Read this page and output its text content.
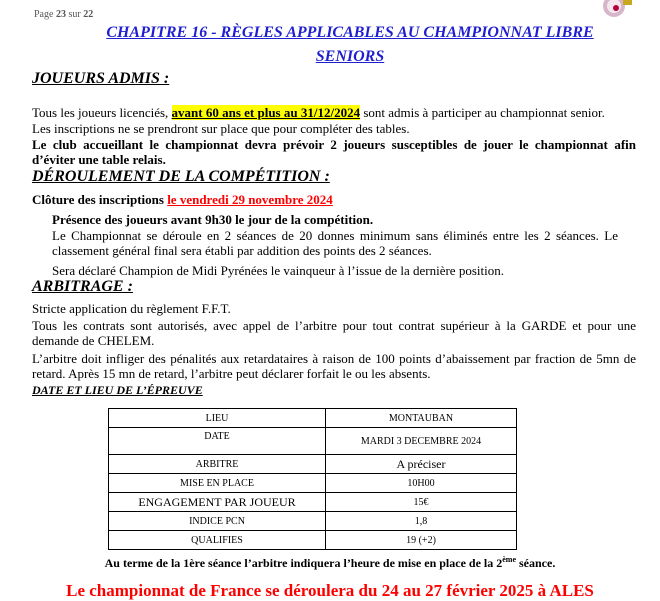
Page 23 sur 22
CHAPITRE 16 - RÈGLES APPLICABLES AU CHAMPIONNAT LIBRE
SENIORS
JOUEURS ADMIS :
Tous les joueurs licenciés, avant 60 ans et plus au 31/12/2024 sont admis à participer au championnat senior.
Les inscriptions ne se prendront sur place que pour compléter des tables.
Le club accueillant le championnat devra prévoir 2 joueurs susceptibles de jouer le championnat afin d’éviter une table relais.
DÉROULEMENT DE LA COMPÉTITION :
Clôture des inscriptions le vendredi 29 novembre 2024
Présence des joueurs avant 9h30 le jour de la compétition.
Le Championnat se déroule en 2 séances de 20 donnes minimum sans éliminés entre les 2 séances. Le classement général final sera établi par addition des points des 2 séances.
Sera déclaré Champion de Midi Pyrénées le vainqueur à l’issue de la dernière position.
ARBITRAGE :
Stricte application du règlement F.F.T.
Tous les contrats sont autorisés, avec appel de l’arbitre pour tout contrat supérieur à la GARDE et pour une demande de CHELEM.
L’arbitre doit infliger des pénalités aux retardataires à raison de 100 points d’abaissement par fraction de 5mn de retard. Après 15 mn de retard, l’arbitre peut déclarer forfait le ou les absents.
DATE ET LIEU DE L’ÉPREUVE
LIEU	MONTAUBAN
DATE	MARDI 3 DECEMBRE 2024
ARBITRE	A préciser
MISE EN PLACE	10H00
ENGAGEMENT PAR JOUEUR	15€
INDICE PCN	1,8
QUALIFIES	19 (+2)
Au terme de la 1ère séance l’arbitre indiquera l’heure de mise en place de la 2ème séance.
Le championnat de France se déroulera du 24 au 27 février 2025 à ALES
